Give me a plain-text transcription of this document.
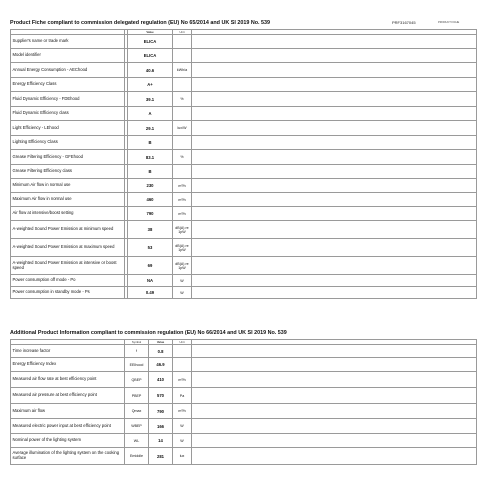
Product Fiche compliant to commission delegated regulation (EU) No 65/2014 and UK SI 2019 No. 539	PRF3167045	PRODUCT FICHE
		Value	Unit	
Supplier's name or trade mark		ELICA		

Model identifier		ELICA		

Annual Energy Consumption - AEChood		40.6	kWh/a	

Energy Efficiency Class		A+		

Fluid Dynamic Efficiency - FDEhood		39.1	%	

Fluid Dynamic Efficiency class		A		

Light Efficiency - LEhood		29.1	lux/W	

Lighting Efficiency Class		B		

Grease Filtering Efficiency - GFEhood		83.1	%	

Grease Filtering Efficiency class		B		

Minimum Air flow in normal use		230	m³/h	

Maximum Air flow in normal use		460	m³/h	

Air flow at intensive/boost setting		790	m³/h	

A-weighted Sound Power Emission at minimum speed		38	dB(A) re 1pW	

A-weighted Sound Power Emission at maximum speed		53	dB(A) re 1pW	

A-weighted Sound Power Emission at intensive or boost speed		69	dB(A) re 1pW	

Power consumption off mode - Po		NA	W	

Power consumption in standby mode - Ps		0.49	W	
Additional Product Information compliant to commission regulation (EU) No 66/2014 and UK SI 2019 No. 539
	Symbol	Value	Unit	
Time increase factor	f	0.8		

Energy Efficiency Index	EEIhood	46.9		

Measured air flow rate at best efficiency point	QBEP	410	m³/h	

Measured air pressure at best efficiency point	PBEP	570	Pa	

Maximum air flow	Qmax	790	m³/h	

Measured electric power input at best efficiency point	WBEP	166	W	

Nominal power of the lighting system	WL	14	W	

Average illumination of the lighting system on the cooking surface	Emiddle	281	lux	
